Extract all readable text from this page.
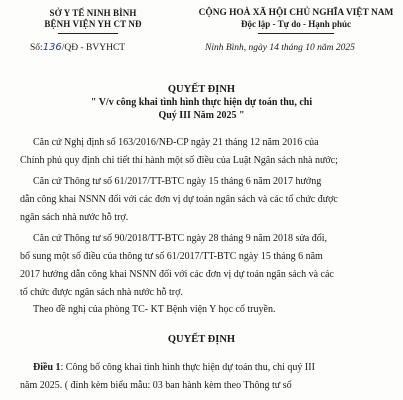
SỞ Y TẾ NINH BÌNH
BỆNH VIỆN YH CT NĐ
CỘNG HOÀ XÃ HỘI CHỦ NGHĨA VIỆT NAM
Độc lập - Tự do - Hạnh phúc
Số:136/QĐ - BVYHCT	Ninh Bình, ngày 14 tháng 10 năm 2025
QUYẾT ĐỊNH
" V/v công khai tình hình thực hiện dự toán thu, chi
Quý III Năm 2025 "
Căn cứ Nghị định số 163/2016/NĐ-CP ngày 21 tháng 12 năm 2016 của
Chính phủ quy định chi tiết thi hành một số điều của Luật Ngân sách nhà nước;
Căn cứ Thông tư số 61/2017/TT-BTC ngày 15 tháng 6 năm 2017 hướng
dẫn công khai NSNN đối với các đơn vị dự toán ngân sách và các tổ chức được
ngân sách nhà nước hỗ trợ.
Căn cứ Thông tư số 90/2018/TT-BTC ngày 28 tháng 9 năm 2018 sửa đổi,
bổ sung một số điều của thông tư số 61/2017/TT-BTC ngày 15 tháng 6 năm
2017 hướng dẫn công khai NSNN đối với các đơn vị dự toán ngân sách và các
tổ chức được ngân sách nhà nước hỗ trợ.
Theo đề nghị của phòng TC- KT Bệnh viện Y học cổ truyền.
QUYẾT ĐỊNH
Điều 1: Công bố công khai tình hình thực hiện dự toán thu, chi quý III
năm 2025. ( đính kèm biểu mẫu: 03 ban hành kèm theo Thông tư số
